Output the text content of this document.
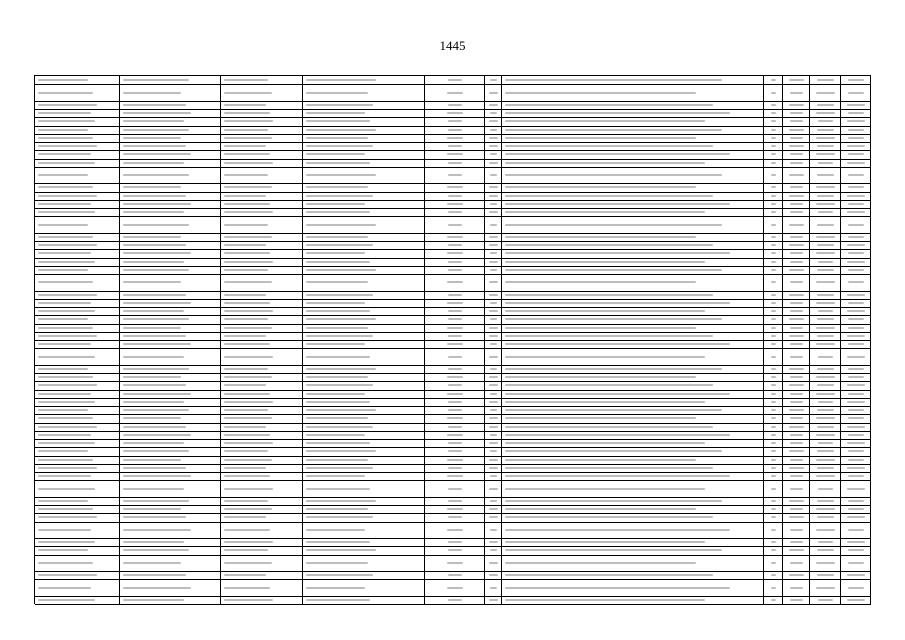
1445
